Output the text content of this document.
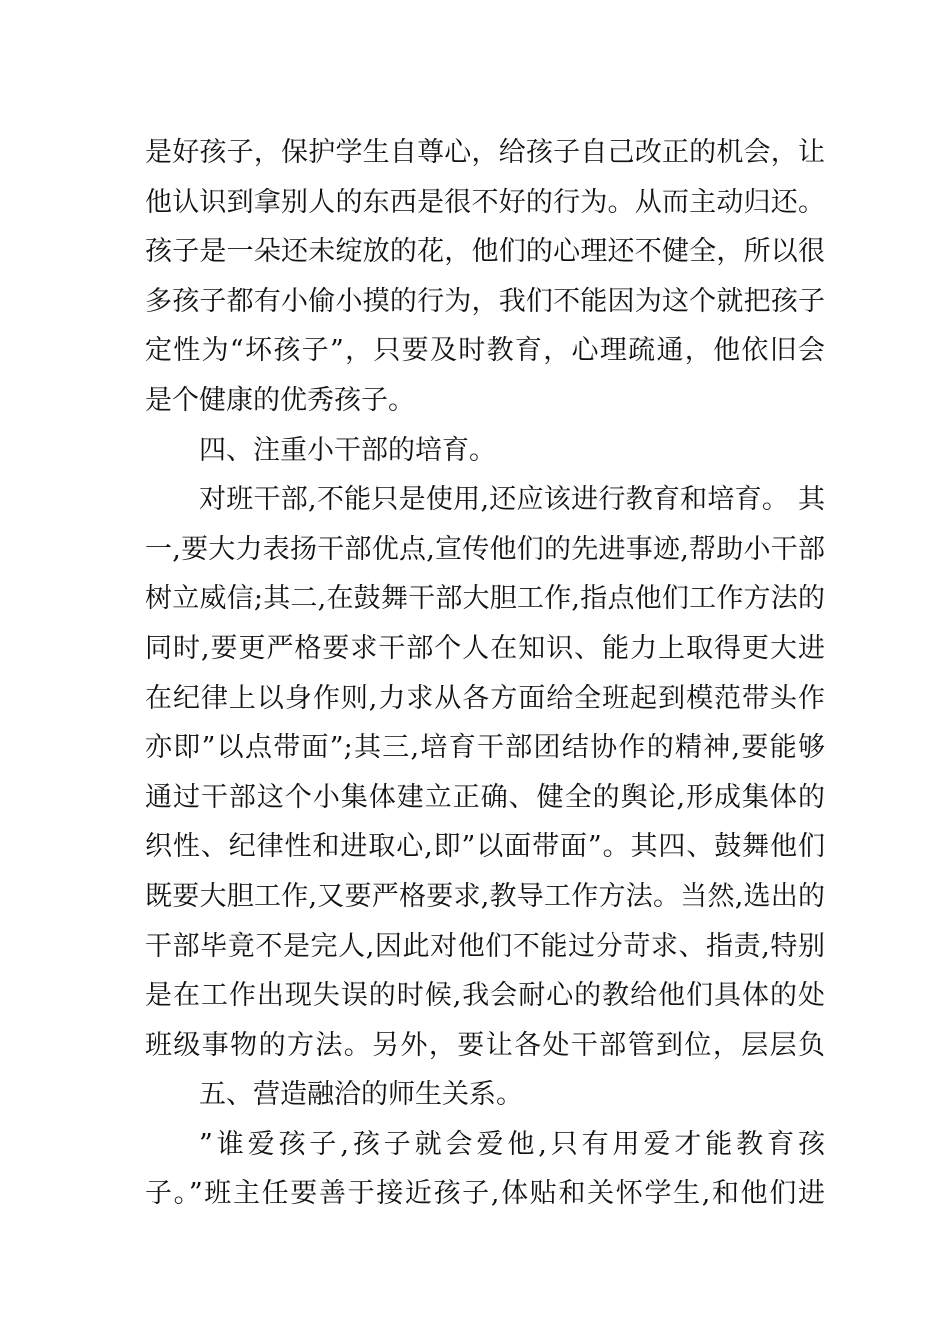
是好孩子，保护学生自尊心，给孩子自己改正的机会，让
他认识到拿别人的东西是很不好的行为。从而主动归还。
孩子是一朵还未绽放的花，他们的心理还不健全，所以很
多孩子都有小偷小摸的行为，我们不能因为这个就把孩子
定性为“坏孩子”，只要及时教育，心理疏通，他依旧会
是个健康的优秀孩子。
四、注重小干部的培育。
对班干部,不能只是使用,还应该进行教育和培育。 其
一,要大力表扬干部优点,宣传他们的先进事迹,帮助小干部
树立威信;其二,在鼓舞干部大胆工作,指点他们工作方法的
同时,要更严格要求干部个人在知识、能力上取得更大进
在纪律上以身作则,力求从各方面给全班起到模范带头作
亦即”以点带面”;其三,培育干部团结协作的精神,要能够
通过干部这个小集体建立正确、健全的舆论,形成集体的
织性、纪律性和进取心,即”以面带面”。其四、鼓舞他们
既要大胆工作,又要严格要求,教导工作方法。当然,选出的
干部毕竟不是完人,因此对他们不能过分苛求、指责,特别
是在工作出现失误的时候,我会耐心的教给他们具体的处
班级事物的方法。另外，要让各处干部管到位，层层负
五、营造融洽的师生关系。
”谁爱孩子,孩子就会爱他,只有用爱才能教育孩
子。”班主任要善于接近孩子,体贴和关怀学生,和他们进
